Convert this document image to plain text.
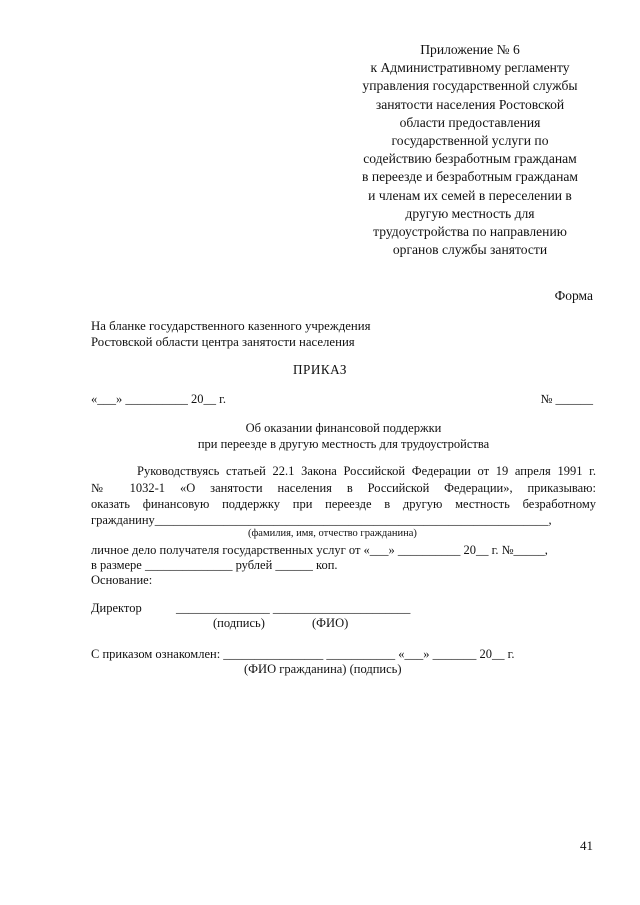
Приложение № 6
к Административному регламенту
управления государственной службы
занятости населения Ростовской
области предоставления
государственной услуги по
содействию безработным гражданам
в переезде и безработным гражданам
и членам их семей в переселении в
другую местность для
трудоустройства по направлению
органов службы занятости
Форма
На бланке государственного казенного учреждения
Ростовской области центра занятости населения
ПРИКАЗ
«___» __________ 20__ г.	№ ______
Об оказании финансовой поддержки
при переезде в другую местность для трудоустройства
Руководствуясь статьей 22.1 Закона Российской Федерации от 19 апреля 1991 г.
№ 1032-1 «О занятости населения в Российской Федерации», приказываю:
оказать финансовую поддержку при переезде в другую местность безработному
гражданину_______________________________________________________________,
(фамилия, имя, отчество гражданина)
личное дело получателя государственных услуг от «___» __________ 20__ г. №_____,
в размере ______________ рублей ______ коп.
Основание:
Директор	_______________ ______________________
(подпись)	(ФИО)
С приказом ознакомлен: ________________ ___________ «___» _______ 20__ г.
(ФИО гражданина) (подпись)
41
